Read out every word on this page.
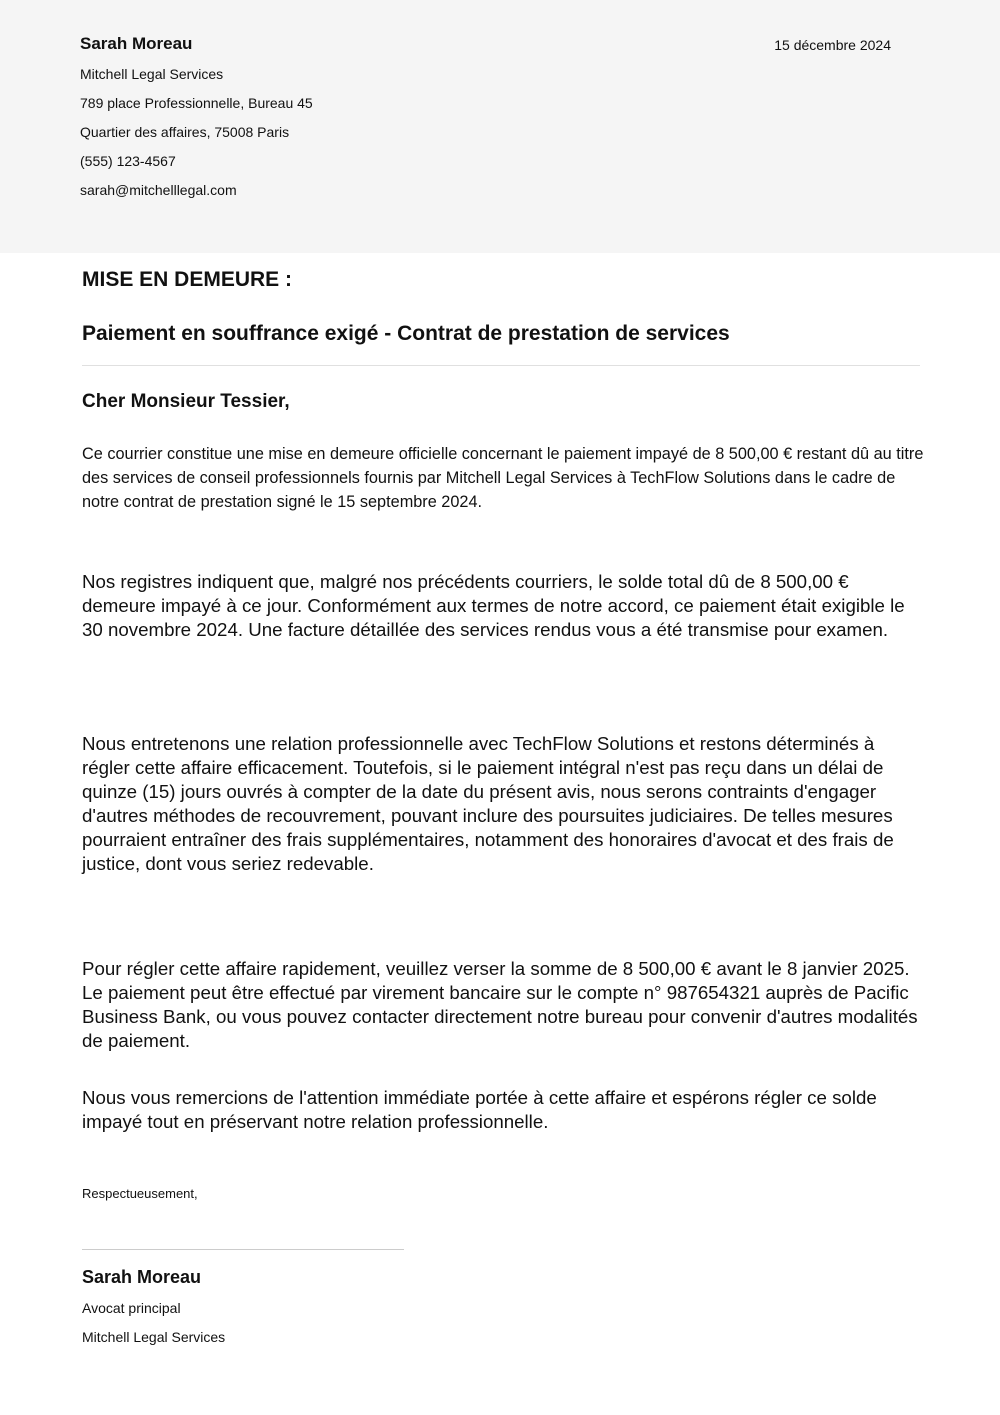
Sarah Moreau
Mitchell Legal Services
789 place Professionnelle, Bureau 45
Quartier des affaires, 75008 Paris
(555) 123-4567
sarah@mitchelllegal.com
15 décembre 2024
MISE EN DEMEURE :
Paiement en souffrance exigé - Contrat de prestation de services
Cher Monsieur Tessier,

Ce courrier constitue une mise en demeure officielle concernant le paiement impayé de 8 500,00 € restant dû au titre des services de conseil professionnels fournis par Mitchell Legal Services à TechFlow Solutions dans le cadre de notre contrat de prestation signé le 15 septembre 2024.

Nos registres indiquent que, malgré nos précédents courriers, le solde total dû de 8 500,00 € demeure impayé à ce jour. Conformément aux termes de notre accord, ce paiement était exigible le 30 novembre 2024. Une facture détaillée des services rendus vous a été transmise pour examen.

Nous entretenons une relation professionnelle avec TechFlow Solutions et restons déterminés à régler cette affaire efficacement. Toutefois, si le paiement intégral n'est pas reçu dans un délai de quinze (15) jours ouvrés à compter de la date du présent avis, nous serons contraints d'engager d'autres méthodes de recouvrement, pouvant inclure des poursuites judiciaires. De telles mesures pourraient entraîner des frais supplémentaires, notamment des honoraires d'avocat et des frais de justice, dont vous seriez redevable.

Pour régler cette affaire rapidement, veuillez verser la somme de 8 500,00 € avant le 8 janvier 2025. Le paiement peut être effectué par virement bancaire sur le compte n° 987654321 auprès de Pacific Business Bank, ou vous pouvez contacter directement notre bureau pour convenir d'autres modalités de paiement.

Nous vous remercions de l'attention immédiate portée à cette affaire et espérons régler ce solde impayé tout en préservant notre relation professionnelle.

Respectueusement,
Sarah Moreau
Avocat principal
Mitchell Legal Services
